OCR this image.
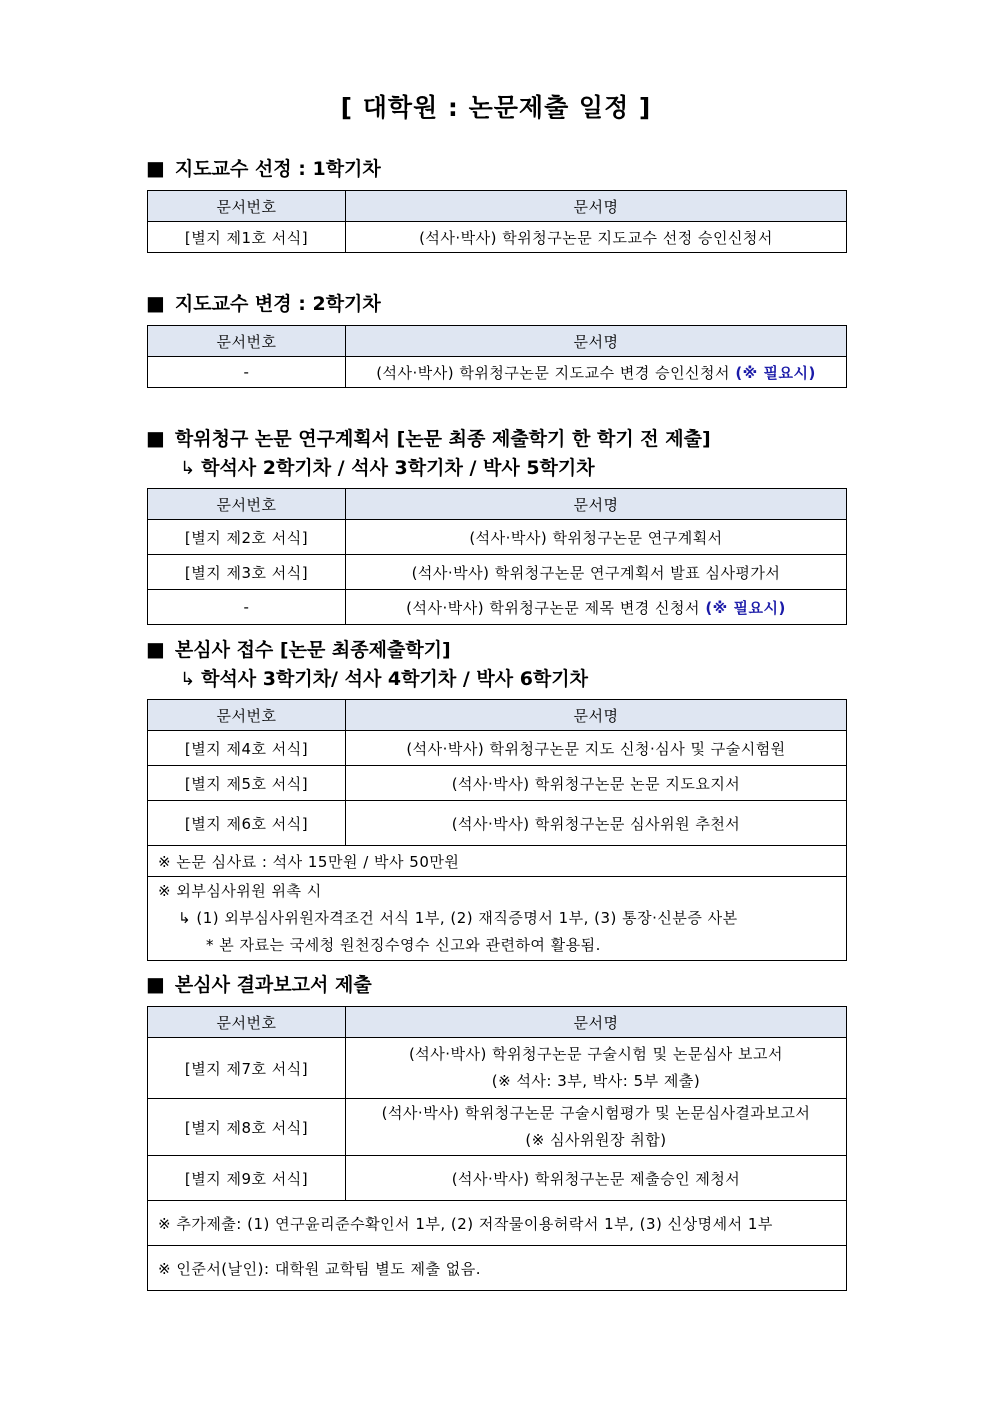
[ 대학원 : 논문제출 일정 ]
■ 지도교수 선정 : 1학기차
문서번호	문서명
[별지 제1호 서식]	(석사·박사) 학위청구논문 지도교수 선정 승인신청서
■ 지도교수 변경 : 2학기차
문서번호	문서명
-	(석사·박사) 학위청구논문 지도교수 변경 승인신청서 (※ 필요시)
■ 학위청구 논문 연구계획서 [논문 최종 제출학기 한 학기 전 제출]
↳ 학석사 2학기차 / 석사 3학기차 / 박사 5학기차
문서번호	문서명
[별지 제2호 서식]	(석사·박사) 학위청구논문 연구계획서
[별지 제3호 서식]	(석사·박사) 학위청구논문 연구계획서 발표 심사평가서
-	(석사·박사) 학위청구논문 제목 변경 신청서 (※ 필요시)
■ 본심사 접수 [논문 최종제출학기]
↳ 학석사 3학기차/ 석사 4학기차 / 박사 6학기차
문서번호	문서명
[별지 제4호 서식]	(석사·박사) 학위청구논문 지도 신청·심사 및 구술시험원
[별지 제5호 서식]	(석사·박사) 학위청구논문 논문 지도요지서
[별지 제6호 서식]	(석사·박사) 학위청구논문 심사위원 추천서
※ 논문 심사료 : 석사 15만원 / 박사 50만원	

※ 외부심사위원 위촉 시
↳ (1) 외부심사위원자격조건 서식 1부, (2) 재직증명서 1부, (3) 통장·신분증 사본
* 본 자료는 국세청 원천징수영수 신고와 관련하여 활용됨.	
■ 본심사 결과보고서 제출
문서번호	문서명
[별지 제7호 서식]	(석사·박사) 학위청구논문 구술시험 및 논문심사 보고서
(※ 석사: 3부, 박사: 5부 제출)

[별지 제8호 서식]	(석사·박사) 학위청구논문 구술시험평가 및 논문심사결과보고서
(※ 심사위원장 취합)

[별지 제9호 서식]	(석사·박사) 학위청구논문 제출승인 제청서
※ 추가제출: (1) 연구윤리준수확인서 1부, (2) 저작물이용허락서 1부, (3) 신상명세서 1부	
※ 인준서(날인): 대학원 교학팀 별도 제출 없음.	
